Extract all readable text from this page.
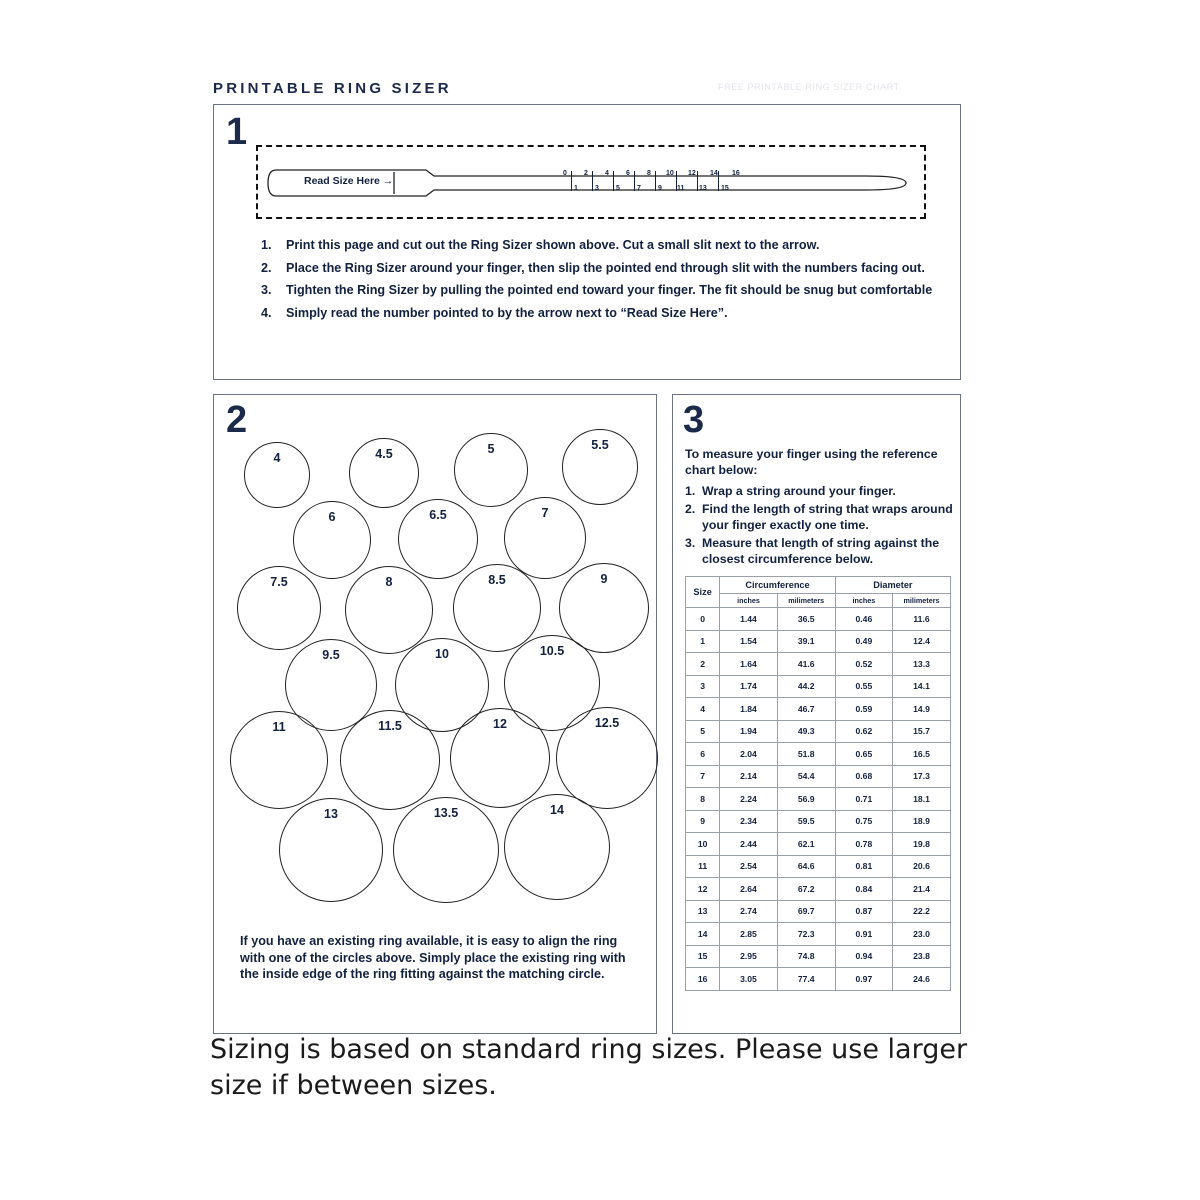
PRINTABLE RING SIZER	FREE PRINTABLE RING SIZER CHART
1
Read Size Here →
0 2 4 6 8 10 12 14 16
1 3 5 7 9 11 13 15
1. Print this page and cut out the Ring Sizer shown above. Cut a small slit next to the arrow.
2. Place the Ring Sizer around your finger, then slip the pointed end through slit with the numbers facing out.
3. Tighten the Ring Sizer by pulling the pointed end toward your finger. The fit should be snug but comfortable
4. Simply read the number pointed to by the arrow next to “Read Size Here”.
2
4	4.5	5	5.5
6	6.5	7
7.5	8	8.5	9
9.5	10	10.5
11	11.5	12	12.5
13	13.5	14
If you have an existing ring available, it is easy to align the ring with one of the circles above. Simply place the existing ring with the inside edge of the ring fitting against the matching circle.
3
To measure your finger using the reference chart below:
1. Wrap a string around your finger.
2. Find the length of string that wraps around your finger exactly one time.
3. Measure that length of string against the closest circumference below.
Size	Circumference		Diameter	
	inches	milimeters	inches	milimeters
0	1.44	36.5	0.46	11.6
1	1.54	39.1	0.49	12.4
2	1.64	41.6	0.52	13.3
3	1.74	44.2	0.55	14.1
4	1.84	46.7	0.59	14.9
5	1.94	49.3	0.62	15.7
6	2.04	51.8	0.65	16.5
7	2.14	54.4	0.68	17.3
8	2.24	56.9	0.71	18.1
9	2.34	59.5	0.75	18.9
10	2.44	62.1	0.78	19.8
11	2.54	64.6	0.81	20.6
12	2.64	67.2	0.84	21.4
13	2.74	69.7	0.87	22.2
14	2.85	72.3	0.91	23.0
15	2.95	74.8	0.94	23.8
16	3.05	77.4	0.97	24.6
Sizing is based on standard ring sizes. Please use larger size if between sizes.
